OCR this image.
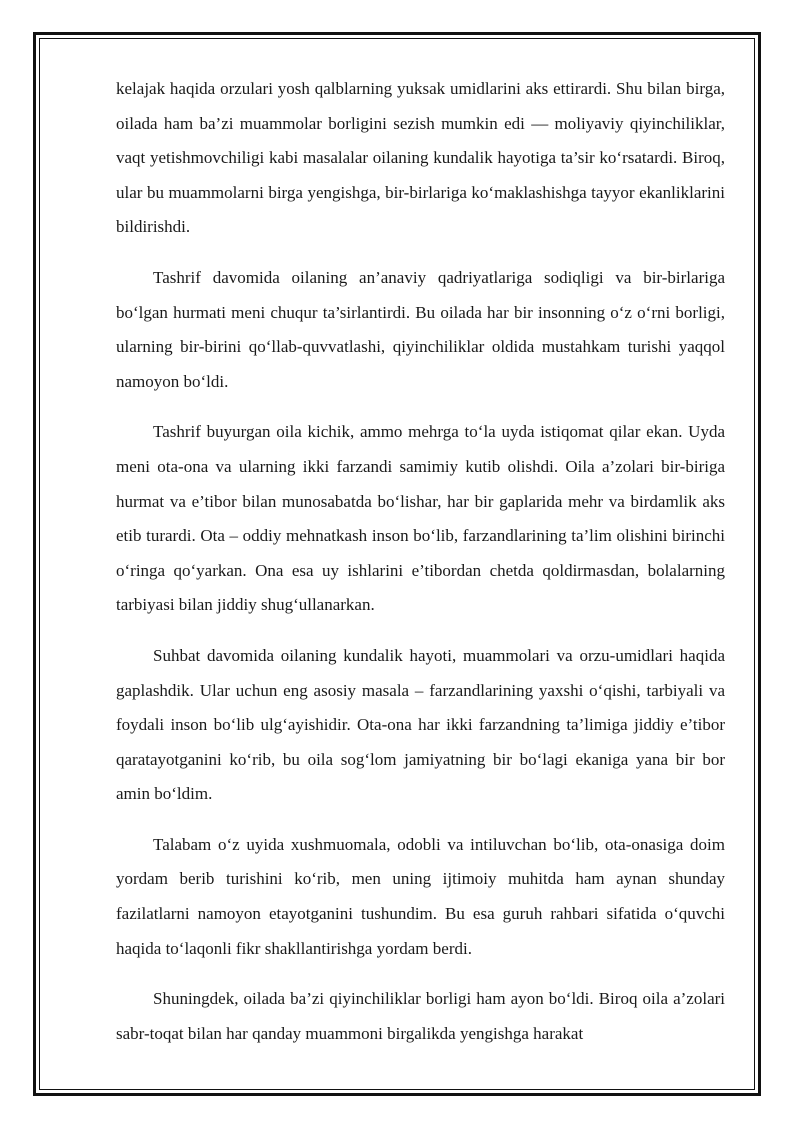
kelajak haqida orzulari yosh qalblarning yuksak umidlarini aks ettirardi. Shu bilan birga, oilada ham ba’zi muammolar borligini sezish mumkin edi — moliyaviy qiyinchiliklar, vaqt yetishmovchiligi kabi masalalar oilaning kundalik hayotiga ta’sir ko‘rsatardi. Biroq, ular bu muammolarni birga yengishga, bir-birlariga ko‘maklashishga tayyor ekanliklarini bildirishdi.

Tashrif davomida oilaning an’anaviy qadriyatlariga sodiqligi va bir-birlariga bo‘lgan hurmati meni chuqur ta’sirlantirdi. Bu oilada har bir insonning o‘z o‘rni borligi, ularning bir-birini qo‘llab-quvvatlashi, qiyinchiliklar oldida mustahkam turishi yaqqol namoyon bo‘ldi.

Tashrif buyurgan oila kichik, ammo mehrga to‘la uyda istiqomat qilar ekan. Uyda meni ota-ona va ularning ikki farzandi samimiy kutib olishdi. Oila a’zolari bir-biriga hurmat va e’tibor bilan munosabatda bo‘lishar, har bir gaplarida mehr va birdamlik aks etib turardi. Ota – oddiy mehnatkash inson bo‘lib, farzandlarining ta’lim olishini birinchi o‘ringa qo‘yarkan. Ona esa uy ishlarini e’tibordan chetda qoldirmasdan, bolalarning tarbiyasi bilan jiddiy shug‘ullanarkan.

Suhbat davomida oilaning kundalik hayoti, muammolari va orzu-umidlari haqida gaplashdik. Ular uchun eng asosiy masala – farzandlarining yaxshi o‘qishi, tarbiyali va foydali inson bo‘lib ulg‘ayishidir. Ota-ona har ikki farzandning ta’limiga jiddiy e’tibor qaratayotganini ko‘rib, bu oila sog‘lom jamiyatning bir bo‘lagi ekaniga yana bir bor amin bo‘ldim.

Talabam o‘z uyida xushmuomala, odobli va intiluvchan bo‘lib, ota-onasiga doim yordam berib turishini ko‘rib, men uning ijtimoiy muhitda ham aynan shunday fazilatlarni namoyon etayotganini tushundim. Bu esa guruh rahbari sifatida o‘quvchi haqida to‘laqonli fikr shakllantirishga yordam berdi.

Shuningdek, oilada ba’zi qiyinchiliklar borligi ham ayon bo‘ldi. Biroq oila a’zolari sabr-toqat bilan har qanday muammoni birgalikda yengishga harakat
